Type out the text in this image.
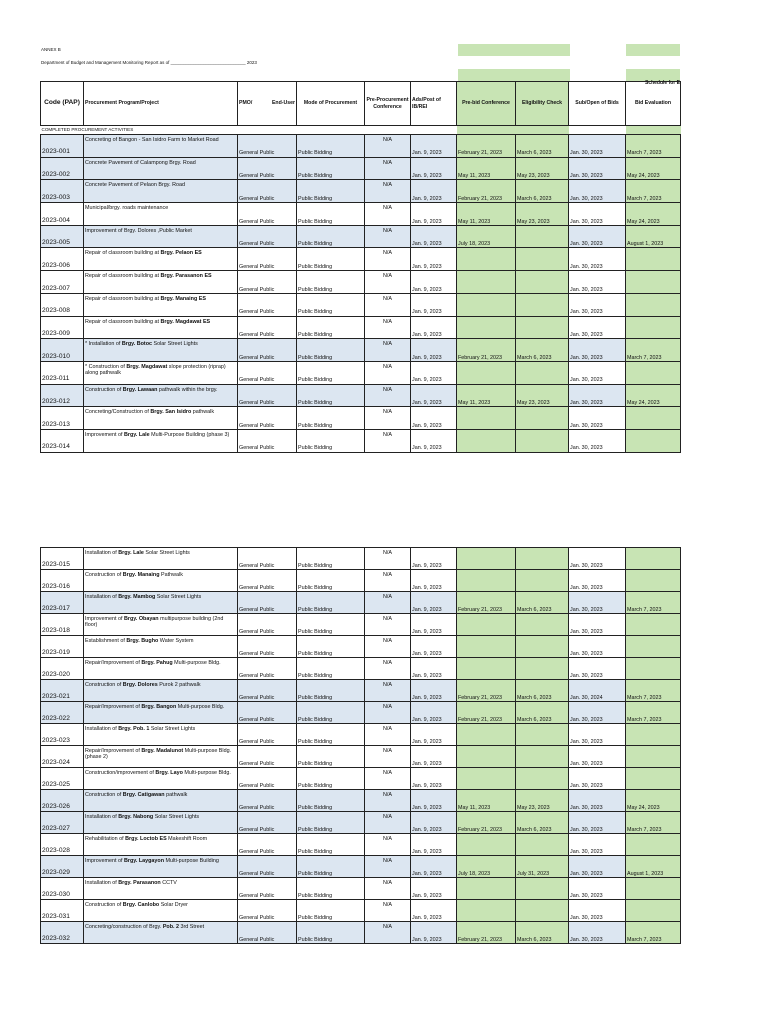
ANNEX B
Department of Budget and Management Monitoring Report as of ______________________________ 2023
Schedule for E
Code (PAP)	Procurement Program/Project	PMO/ End-User	Mode of Procurement	Pre-Procurement Conference	Ads/Post of IB/REI	Pre-bid Conference	Eligibility Check	Sub/Open of Bids	Bid Evaluation
COMPLETED PROCUREMENT ACTIVITIES									
2023-001	Concreting of Bangon - San Isidro Farm to Market Road	General Public	Public Bidding	N/A	Jan. 9, 2023	February 21, 2023	March 6, 2023	Jan. 30, 2023	March 7, 2023
2023-002	Concrete Pavement of Calampong Brgy. Road	General Public	Public Bidding	N/A	Jan. 9, 2023	May 11, 2023	May 23, 2023	Jan. 30, 2023	May 24, 2023
2023-003	Concrete Pavement of Pelaon Brgy. Road	General Public	Public Bidding	N/A	Jan. 9, 2023	February 21, 2023	March 6, 2023	Jan. 30, 2023	March 7, 2023
2023-004	Municipal/brgy. roads maintenance	General Public	Public Bidding	N/A	Jan. 9, 2023	May 11, 2023	May 23, 2023	Jan. 30, 2023	May 24, 2023
2023-005	Improvement of Brgy. Dolores ,Public Market	General Public	Public Bidding	N/A	Jan. 9, 2023	July 18, 2023		Jan. 30, 2023	August 1, 2023
2023-006	Repair of classroom building at Brgy. Pelaon ES	General Public	Public Bidding	N/A	Jan. 9, 2023			Jan. 30, 2023	
2023-007	Repair of classroom building at Brgy. Parasanon ES	General Public	Public Bidding	N/A	Jan. 9, 2023			Jan. 30, 2023	
2023-008	Repair of classroom building at Brgy. Manaing ES	General Public	Public Bidding	N/A	Jan. 9, 2023			Jan. 30, 2023	
2023-009	Repair of classroom building at Brgy. Magdawat ES	General Public	Public Bidding	N/A	Jan. 9, 2023			Jan. 30, 2023	
2023-010	* Installation of Brgy. Botoc Solar Street Lights	General Public	Public Bidding	N/A	Jan. 9, 2023	February 21, 2023	March 6, 2023	Jan. 30, 2023	March 7, 2023
2023-011	* Construction of Brgy. Magdawat slope protection (riprap) along pathwalk	General Public	Public Bidding	N/A	Jan. 9, 2023			Jan. 30, 2023	
2023-012	Construction of Brgy. Lawaan pathwalk within the brgy.	General Public	Public Bidding	N/A	Jan. 9, 2023	May 11, 2023	May 23, 2023	Jan. 30, 2023	May 24, 2023
2023-013	Concreting/Construction of Brgy. San Isidro pathwalk	General Public	Public Bidding	N/A	Jan. 9, 2023			Jan. 30, 2023	
2023-014	Improvement of Brgy. Lale Multi-Purpose Building (phase 3)	General Public	Public Bidding	N/A	Jan. 9, 2023			Jan. 30, 2023	
2023-015	Installation of Brgy. Lale Solar Street Lights	General Public	Public Bidding	N/A	Jan. 9, 2023			Jan. 30, 2023	
2023-016	Construction of Brgy. Manaing Pathwalk	General Public	Public Bidding	N/A	Jan. 9, 2023			Jan. 30, 2023	
2023-017	Installation of Brgy. Mambog Solar Street Lights	General Public	Public Bidding	N/A	Jan. 9, 2023	February 21, 2023	March 6, 2023	Jan. 30, 2023	March 7, 2023
2023-018	Improvement of Brgy. Obayan multipurpose building (2nd floor)	General Public	Public Bidding	N/A	Jan. 9, 2023			Jan. 30, 2023	
2023-019	Establishment of Brgy. Bugho Water System	General Public	Public Bidding	N/A	Jan. 9, 2023			Jan. 30, 2023	
2023-020	Repair/Improvement of Brgy. Pahug Multi-purpose Bldg.	General Public	Public Bidding	N/A	Jan. 9, 2023			Jan. 30, 2023	
2023-021	Construction of Brgy. Dolores Purok 2 pathwalk	General Public	Public Bidding	N/A	Jan. 9, 2023	February 21, 2023	March 6, 2023	Jan. 30, 2024	March 7, 2023
2023-022	Repair/Improvement of Brgy. Bangon Multi-purpose Bldg.	General Public	Public Bidding	N/A	Jan. 9, 2023	February 21, 2023	March 6, 2023	Jan. 30, 2023	March 7, 2023
2023-023	Installation of Brgy. Pob. 1 Solar Street Lights	General Public	Public Bidding	N/A	Jan. 9, 2023			Jan. 30, 2023	
2023-024	Repair/Improvement of Brgy. Madalunot Multi-purpose Bldg. (phase 2)	General Public	Public Bidding	N/A	Jan. 9, 2023			Jan. 30, 2023	
2023-025	Construction/improvement of Brgy. Layo Multi-purpose Bldg.	General Public	Public Bidding	N/A	Jan. 9, 2023			Jan. 30, 2023	
2023-026	Construction of Brgy. Catigawan pathwalk	General Public	Public Bidding	N/A	Jan. 9, 2023	May 11, 2023	May 23, 2023	Jan. 30, 2023	May 24, 2023
2023-027	Installation of Brgy. Nabong Solar Street Lights	General Public	Public Bidding	N/A	Jan. 9, 2023	February 21, 2023	March 6, 2023	Jan. 30, 2023	March 7, 2023
2023-028	Rehabilitation of Brgy. Loctob ES Makeshift Room	General Public	Public Bidding	N/A	Jan. 9, 2023			Jan. 30, 2023	
2023-029	Improvement of Brgy. Laygayon Multi-purpose Building	General Public	Public Bidding	N/A	Jan. 9, 2023	July 18, 2023	July 31, 2023	Jan. 30, 2023	August 1, 2023
2023-030	Installation of Brgy. Parasanon CCTV	General Public	Public Bidding	N/A	Jan. 9, 2023			Jan. 30, 2023	
2023-031	Construction of Brgy. Canlobo Solar Dryer	General Public	Public Bidding	N/A	Jan. 9, 2023			Jan. 30, 2023	
2023-032	Concreting/construction of Brgy. Pob. 2 3rd Street	General Public	Public Bidding	N/A	Jan. 9, 2023	February 21, 2023	March 6, 2023	Jan. 30, 2023	March 7, 2023
